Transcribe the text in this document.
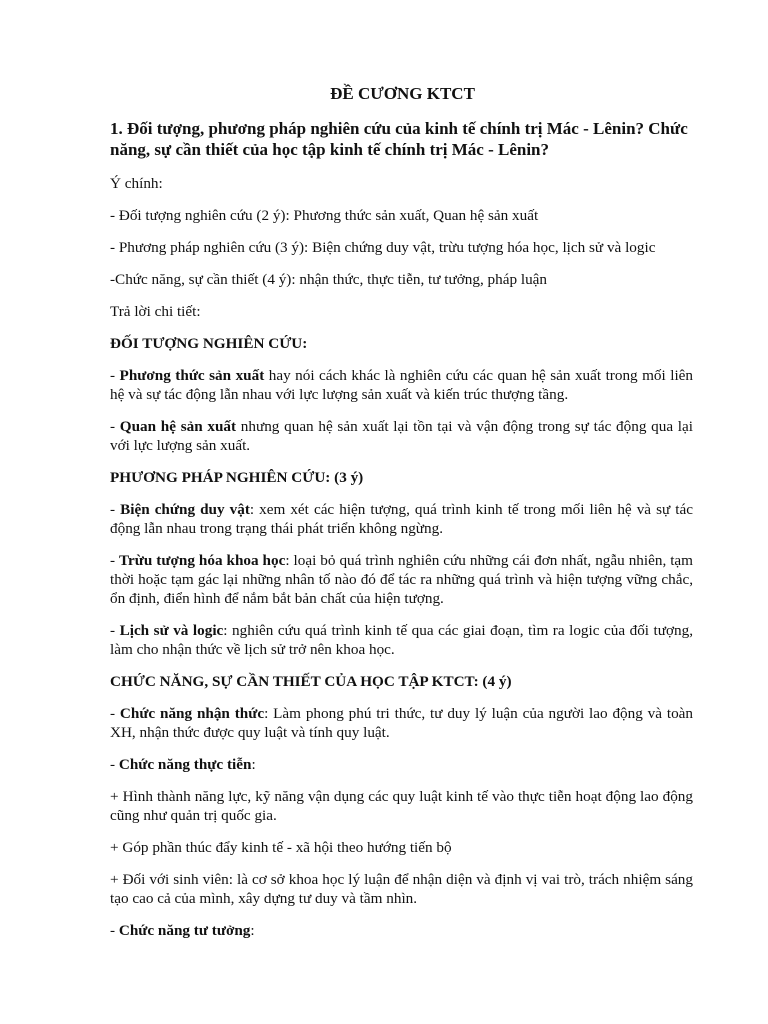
ĐỀ CƯƠNG KTCT
1. Đối tượng, phương pháp nghiên cứu của kinh tế chính trị Mác - Lênin? Chức năng, sự cần thiết của học tập kinh tế chính trị Mác - Lênin?

Ý chính:

- Đối tượng nghiên cứu (2 ý): Phương thức sản xuất, Quan hệ sản xuất

- Phương pháp nghiên cứu (3 ý): Biện chứng duy vật, trừu tượng hóa học, lịch sử và logic

-Chức năng, sự cần thiết (4 ý): nhận thức, thực tiễn, tư tưởng, pháp luận

Trả lời chi tiết:

ĐỐI TƯỢNG NGHIÊN CỨU:

- Phương thức sản xuất hay nói cách khác là nghiên cứu các quan hệ sản xuất trong mối liên hệ và sự tác động lẫn nhau với lực lượng sản xuất và kiến trúc thượng tầng.

- Quan hệ sản xuất nhưng quan hệ sản xuất lại tồn tại và vận động trong sự tác động qua lại với lực lượng sản xuất.

PHƯƠNG PHÁP NGHIÊN CỨU: (3 ý)

- Biện chứng duy vật: xem xét các hiện tượng, quá trình kinh tế trong mối liên hệ và sự tác động lẫn nhau trong trạng thái phát triển không ngừng.

- Trừu tượng hóa khoa học: loại bỏ quá trình nghiên cứu những cái đơn nhất, ngẫu nhiên, tạm thời hoặc tạm gác lại những nhân tố nào đó để tác ra những quá trình và hiện tượng vững chắc, ổn định, điển hình để nắm bắt bản chất của hiện tượng.

- Lịch sử và logic: nghiên cứu quá trình kinh tế qua các giai đoạn, tìm ra logic của đối tượng, làm cho nhận thức về lịch sử trở nên khoa học.

CHỨC NĂNG, SỰ CẦN THIẾT CỦA HỌC TẬP KTCT: (4 ý)

- Chức năng nhận thức: Làm phong phú tri thức, tư duy lý luận của người lao động và toàn XH, nhận thức được quy luật và tính quy luật.

- Chức năng thực tiễn:

+ Hình thành năng lực, kỹ năng vận dụng các quy luật kinh tế vào thực tiễn hoạt động lao động cũng như quản trị quốc gia.

+ Góp phần thúc đẩy kinh tế - xã hội theo hướng tiến bộ

+ Đối với sinh viên: là cơ sở khoa học lý luận để nhận diện và định vị vai trò, trách nhiệm sáng tạo cao cả của mình, xây dựng tư duy và tầm nhìn.

- Chức năng tư tưởng:
